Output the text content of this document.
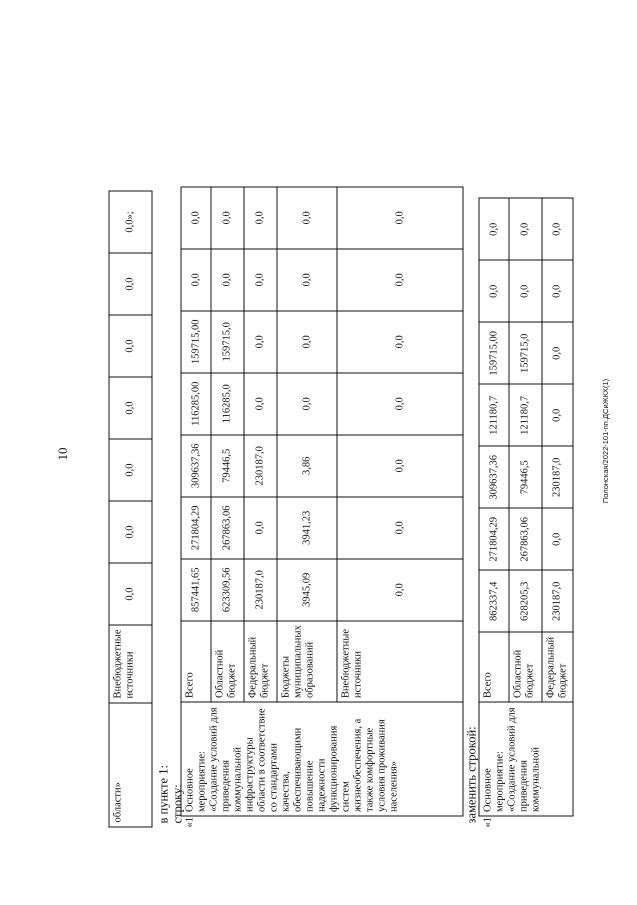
10	Полонская/2022-101-пп.ДСиЖКХ(1)
области»	Внебюджетные источники	0,0	0,0	0,0	0,0	0,0	0,0	0,0»;
в пункте 1: строку: «1	Основное мероприятие: «Создание условий для приведения коммунальной инфраструктуры области в соответствие со стандартами качества, обеспечивающими повышение надежности функционирования систем жизнеобеспечения, а также комфортные условия проживания населения»	Всего	857441,65	271804,29	309637,36	116285,00	159715,00	0,0	0,0
		Областной бюджет	623309,56	267863,06	79446,5	116285,0	159715,0	0,0	0,0
		Федеральный бюджет	230187,0	0,0	230187,0	0,0	0,0	0,0	0,0
		Бюджеты муниципальных образований	3945,09	3941,23	3,86	0,0	0,0	0,0	0,0
		Внебюджетные источники	0,0	0,0	0,0	0,0	0,0	0,0	0,0
заменить строкой: «1	Основное мероприятие: «Создание условий для приведения коммунальной	Всего	862337,4	271804,29	309637,36	121180,7	159715,00	0,0	0,0
		Областной бюджет	628205,3	267863,06	79446,5	121180,7	159715,0	0,0	0,0
		Федеральный бюджет	230187,0	0,0	230187,0	0,0	0,0	0,0	0,0
